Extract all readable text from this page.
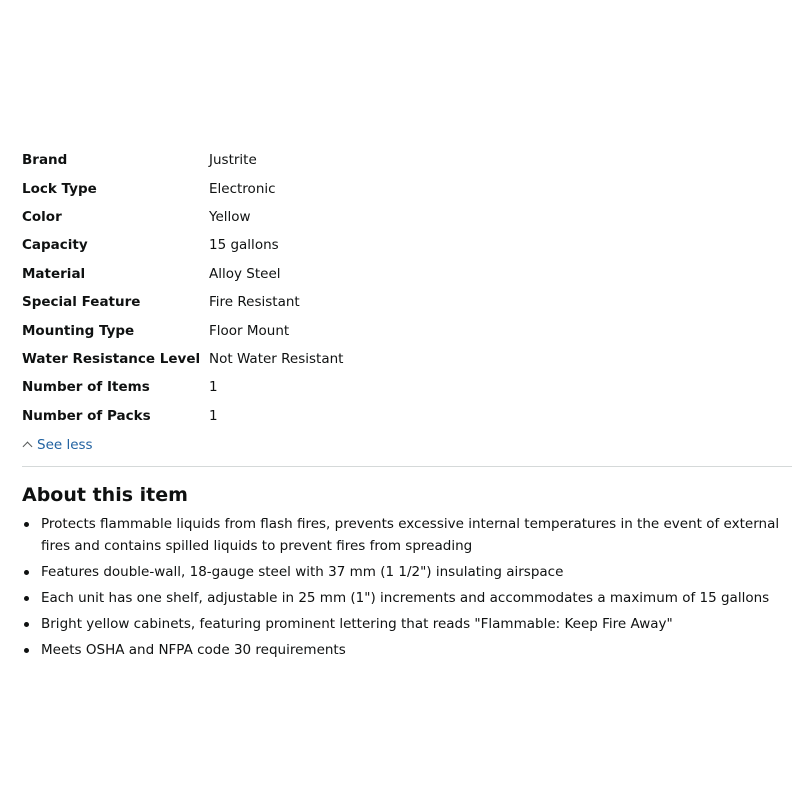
Brand	Justrite
Lock Type	Electronic
Color	Yellow
Capacity	15 gallons
Material	Alloy Steel
Special Feature	Fire Resistant
Mounting Type	Floor Mount
Water Resistance Level	Not Water Resistant
Number of Items	1
Number of Packs	1
See less
About this item
Protects flammable liquids from flash fires, prevents excessive internal temperatures in the event of external fires and contains spilled liquids to prevent fires from spreading
Features double-wall, 18-gauge steel with 37 mm (1 1/2") insulating airspace
Each unit has one shelf, adjustable in 25 mm (1") increments and accommodates a maximum of 15 gallons
Bright yellow cabinets, featuring prominent lettering that reads "Flammable: Keep Fire Away"
Meets OSHA and NFPA code 30 requirements
